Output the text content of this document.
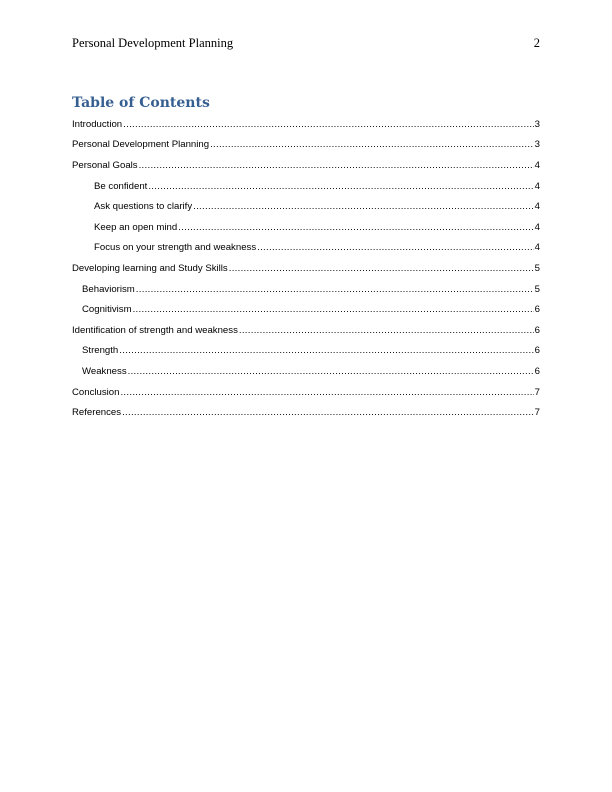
Personal Development Planning	2
Table of Contents
Introduction .....	3
Personal Development Planning .....	3
Personal Goals .....	4
Be confident .....	4
Ask questions to clarify .....	4
Keep an open mind .....	4
Focus on your strength and weakness .....	4
Developing learning and Study Skills .....	5
Behaviorism .....	5
Cognitivism .....	6
Identification of strength and weakness .....	6
Strength .....	6
Weakness .....	6
Conclusion .....	7
References .....	7
